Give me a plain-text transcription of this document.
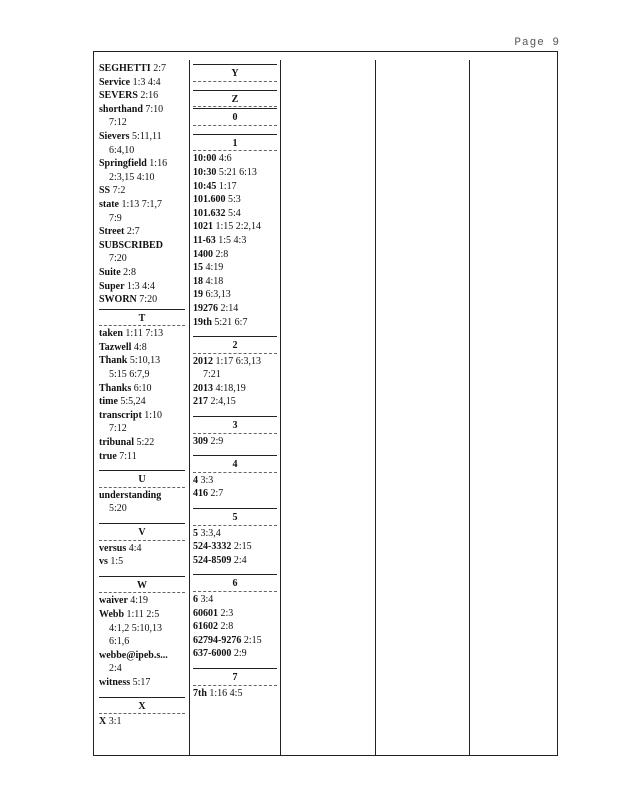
Page 9
SEGHETTI 2:7
Service 1:3 4:4
SEVERS 2:16
shorthand 7:10
7:12
Sievers 5:11,11
6:4,10
Springfield 1:16
2:3,15 4:10
SS 7:2
state 1:13 7:1,7
7:9
Street 2:7
SUBSCRIBED
7:20
Suite 2:8
Super 1:3 4:4
SWORN 7:20
T
taken 1:11 7:13
Tazwell 4:8
Thank 5:10,13
5:15 6:7,9
Thanks 6:10
time 5:5,24
transcript 1:10
7:12
tribunal 5:22
true 7:11
U
understanding
5:20
V
versus 4:4
vs 1:5
W
waiver 4:19
Webb 1:11 2:5
4:1,2 5:10,13
6:1,6
webbe@ipeb.s...
2:4
witness 5:17
X
X 3:1
Y
Z
0
1
10:00 4:6
10:30 5:21 6:13
10:45 1:17
101.600 5:3
101.632 5:4
1021 1:15 2:2,14
11-63 1:5 4:3
1400 2:8
15 4:19
18 4:18
19 6:3,13
19276 2:14
19th 5:21 6:7
2
2012 1:17 6:3,13
7:21
2013 4:18,19
217 2:4,15
3
309 2:9
4
4 3:3
416 2:7
5
5 3:3,4
524-3332 2:15
524-8509 2:4
6
6 3:4
60601 2:3
61602 2:8
62794-9276 2:15
637-6000 2:9
7
7th 1:16 4:5
